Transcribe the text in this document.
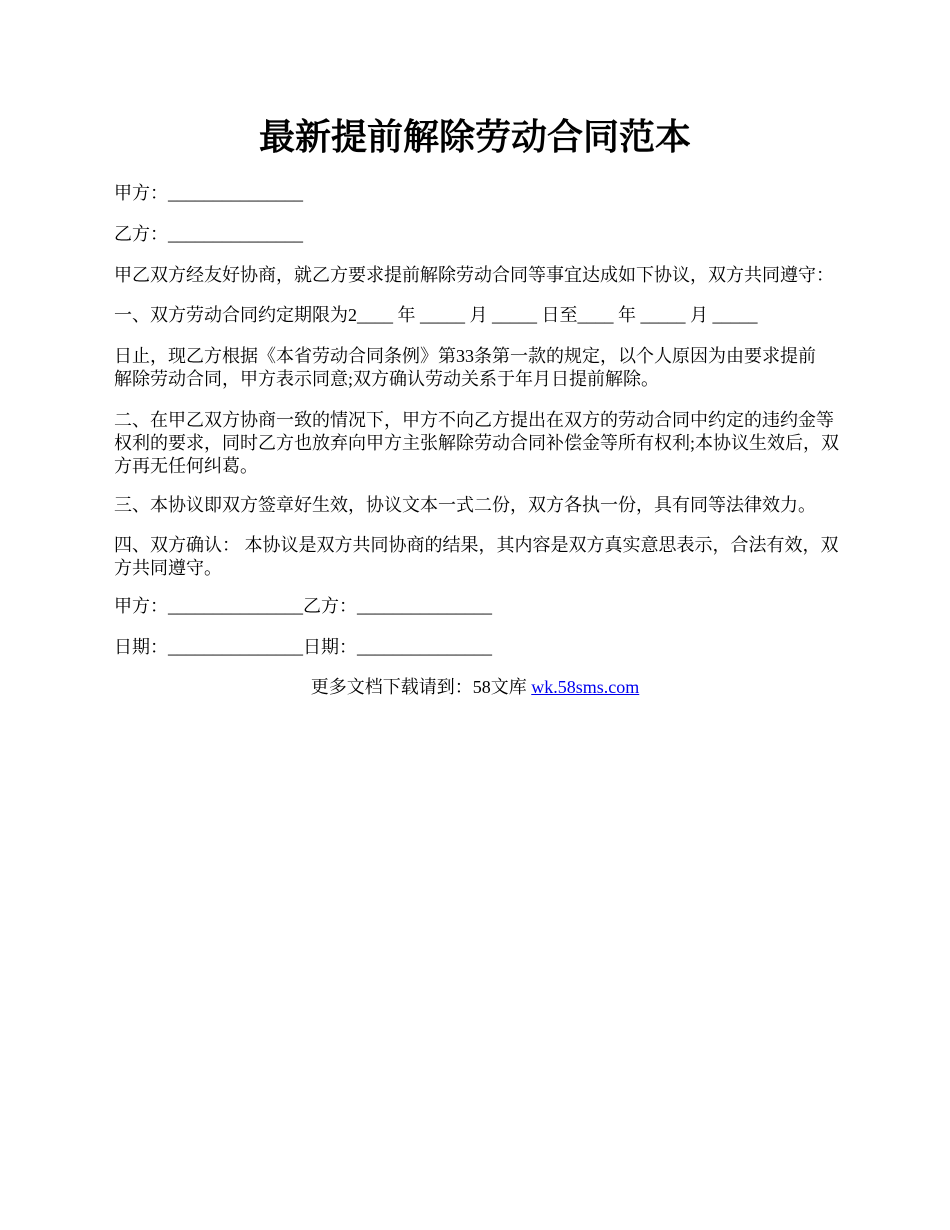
最新提前解除劳动合同范本
甲方：_______________
乙方：_______________
甲乙双方经友好协商，就乙方要求提前解除劳动合同等事宜达成如下协议，双方共同遵守：
一、双方劳动合同约定期限为2____ 年 _____ 月 _____ 日至____ 年 _____ 月 _____
日止，现乙方根据《本省劳动合同条例》第33条第一款的规定，以个人原因为由要求提前解除劳动合同，甲方表示同意;双方确认劳动关系于年月日提前解除。
二、在甲乙双方协商一致的情况下，甲方不向乙方提出在双方的劳动合同中约定的违约金等权利的要求，同时乙方也放弃向甲方主张解除劳动合同补偿金等所有权利;本协议生效后，双方再无任何纠葛。
三、本协议即双方签章好生效，协议文本一式二份，双方各执一份，具有同等法律效力。
四、双方确认： 本协议是双方共同协商的结果，其内容是双方真实意思表示，合法有效，双方共同遵守。
甲方：_______________乙方：_______________
日期：_______________日期：_______________
更多文档下载请到：58文库 wk.58sms.com
